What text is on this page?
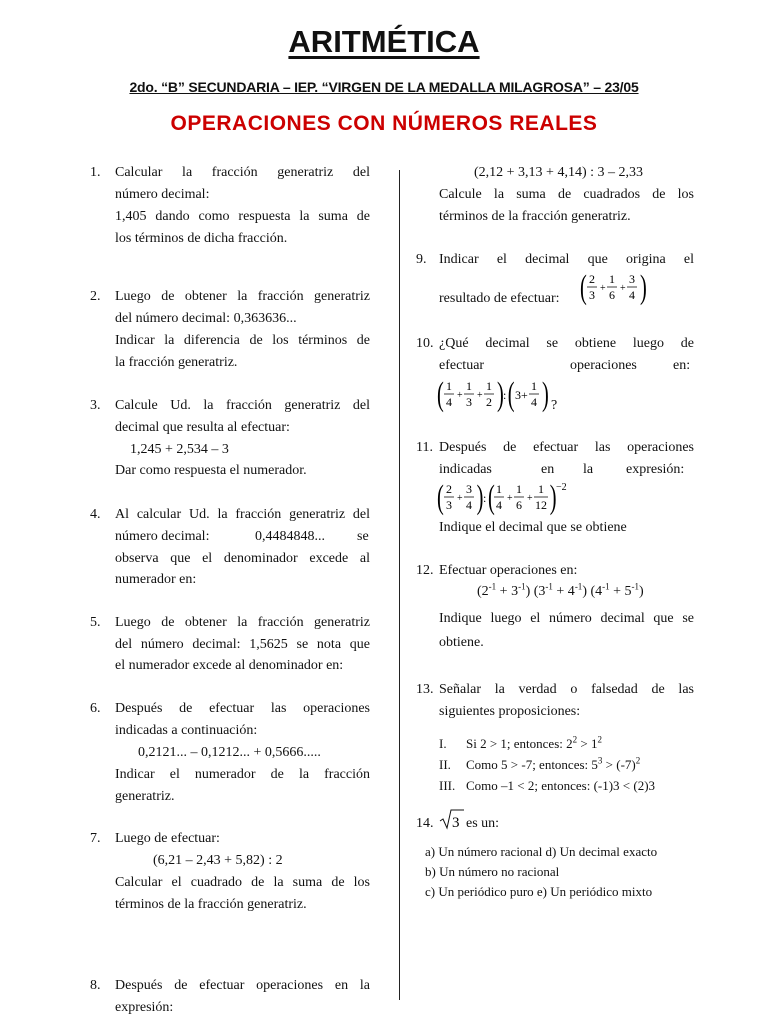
ARITMÉTICA
2do. “B” SECUNDARIA – IEP. “VIRGEN DE LA MEDALLA MILAGROSA” – 23/05
OPERACIONES CON NÚMEROS REALES
1. Calcular la fracción generatriz del
número decimal:
1,405 dando como respuesta la suma de
los términos de dicha fracción.
2. Luego de obtener la fracción generatriz
del número decimal: 0,363636...
Indicar la diferencia de los términos de
la fracción generatriz.
3. Calcule Ud. la fracción generatriz del
decimal que resulta al efectuar:
1,245 + 2,534 – 3
Dar como respuesta el numerador.
4. Al calcular Ud. la fracción generatriz del
número decimal:	0,4484848... se
observa que el denominador excede al
numerador en:
5. Luego de obtener la fracción generatriz
del número decimal: 1,5625 se nota que
el numerador excede al denominador en:
6. Después de efectuar las operaciones
indicadas a continuación:
0,2121... – 0,1212... + 0,5666.....
Indicar el numerador de la fracción
generatriz.
7. Luego de efectuar:
(6,21 – 2,43 + 5,82) : 2
Calcular el cuadrado de la suma de los
términos de la fracción generatriz.
8. Después de efectuar operaciones en la
expresión:
(2,12 + 3,13 + 4,14) : 3 – 2,33
Calcule la suma de cuadrados de los
términos de la fracción generatriz.
9. Indicar el decimal que origina el
resultado de efectuar: ( 2
3 +
1
6 +
3
4 )
10. ¿Qué decimal se obtiene luego de
efectuar	operaciones	en:
( 1
4 +
1
3 +
1
2 ) : ( 3+
1
4 ) ?
11. Después de efectuar las operaciones
indicadas	en la expresión:
( 2
3 +
3
4 ) : ( 1
4 +
1
6 +
1
12 ) −2
Indique el decimal que se obtiene
12. Efectuar operaciones en:
$(2^{-1} + 3^{-1}) (3^{-1} + 4^{-1}) (4^{-1} + 5^{-1})$
Indique luego el número decimal que se
obtiene.
13. Señalar la verdad o falsedad de las
siguientes proposiciones:
I. Si 2 > 1; entonces: $2^2 > 1^2$
II. Como 5 > -7; entonces: $5^3 > (-7)^2$
III. Como –1 < 2; entonces: (-1)3 < (2)3
14. 3 es un:
a) Un número racional d) Un decimal exacto
b) Un número no racional
c) Un periódico puro e) Un periódico mixto
